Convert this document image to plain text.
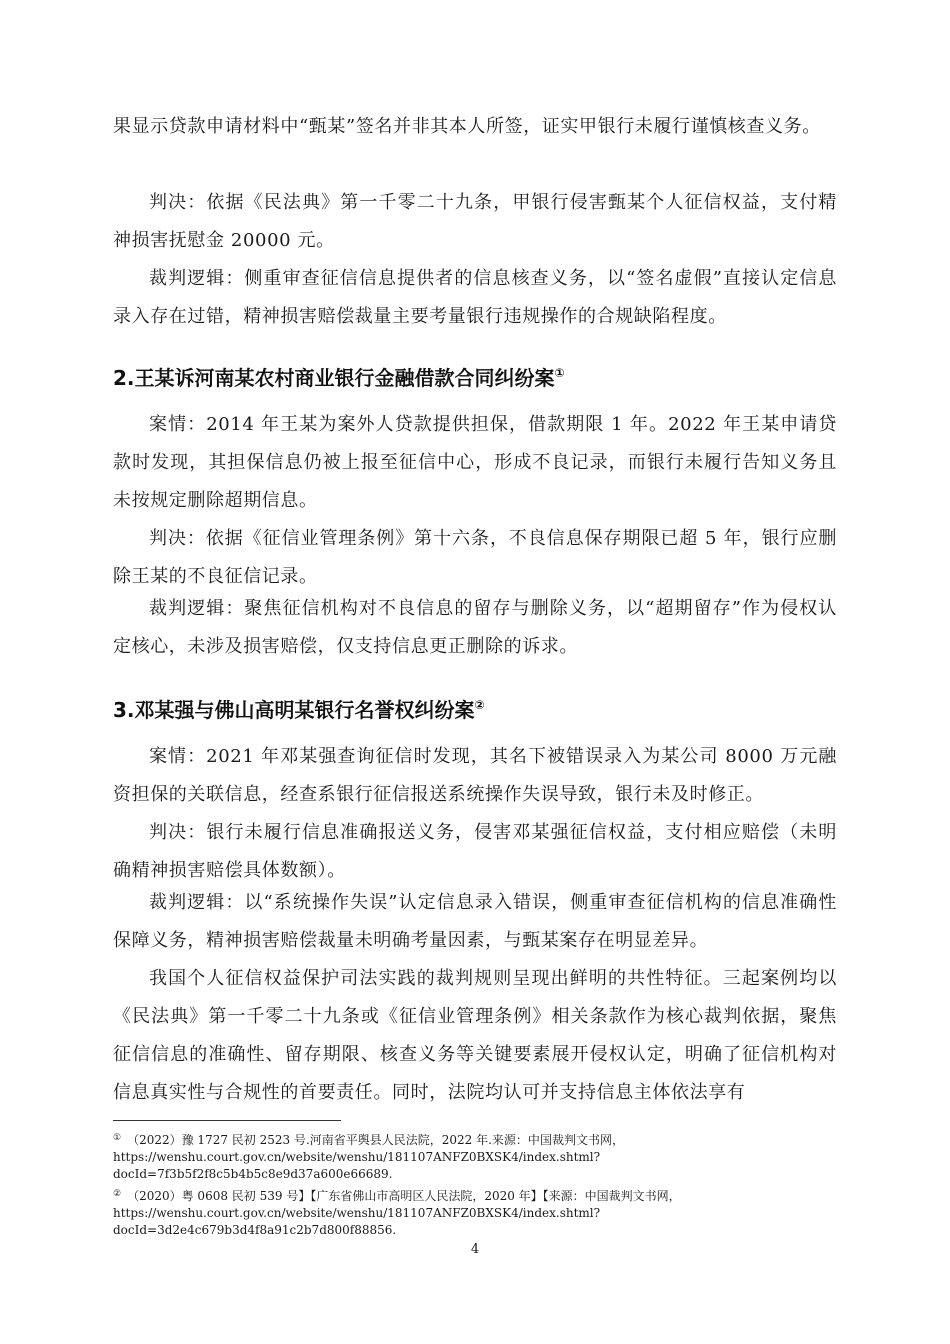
果显示贷款申请材料中“甄某”签名并非其本人所签，证实甲银行未履行谨慎核查义务。

判决：依据《民法典》第一千零二十九条，甲银行侵害甄某个人征信权益，支付精神损害抚慰金 20000 元。

裁判逻辑：侧重审查征信信息提供者的信息核查义务，以“签名虚假”直接认定信息录入存在过错，精神损害赔偿裁量主要考量银行违规操作的合规缺陷程度。

2.王某诉河南某农村商业银行金融借款合同纠纷案①

案情：2014 年王某为案外人贷款提供担保，借款期限 1 年。2022 年王某申请贷款时发现，其担保信息仍被上报至征信中心，形成不良记录，而银行未履行告知义务且未按规定删除超期信息。

判决：依据《征信业管理条例》第十六条，不良信息保存期限已超 5 年，银行应删除王某的不良征信记录。

裁判逻辑：聚焦征信机构对不良信息的留存与删除义务，以“超期留存”作为侵权认定核心，未涉及损害赔偿，仅支持信息更正删除的诉求。

3.邓某强与佛山高明某银行名誉权纠纷案②

案情：2021 年邓某强查询征信时发现，其名下被错误录入为某公司 8000 万元融资担保的关联信息，经查系银行征信报送系统操作失误导致，银行未及时修正。

判决：银行未履行信息准确报送义务，侵害邓某强征信权益，支付相应赔偿（未明确精神损害赔偿具体数额）。

裁判逻辑：以“系统操作失误”认定信息录入错误，侧重审查征信机构的信息准确性保障义务，精神损害赔偿裁量未明确考量因素，与甄某案存在明显差异。

我国个人征信权益保护司法实践的裁判规则呈现出鲜明的共性特征。三起案例均以《民法典》第一千零二十九条或《征信业管理条例》相关条款作为核心裁判依据，聚焦征信信息的准确性、留存期限、核查义务等关键要素展开侵权认定，明确了征信机构对信息真实性与合规性的首要责任。同时，法院均认可并支持信息主体依法享有

① （2022）豫 1727 民初 2523 号.河南省平舆县人民法院，2022 年.来源：中国裁判文书网，
https://wenshu.court.gov.cn/website/wenshu/181107ANFZ0BXSK4/index.shtml?
docId=7f3b5f2f8c5b4b5c8e9d37a600e66689.
② （2020）粤 0608 民初 539 号】【广东省佛山市高明区人民法院，2020 年】【来源：中国裁判文书网，
https://wenshu.court.gov.cn/website/wenshu/181107ANFZ0BXSK4/index.shtml?
docId=3d2e4c679b3d4f8a91c2b7d800f88856.
4
